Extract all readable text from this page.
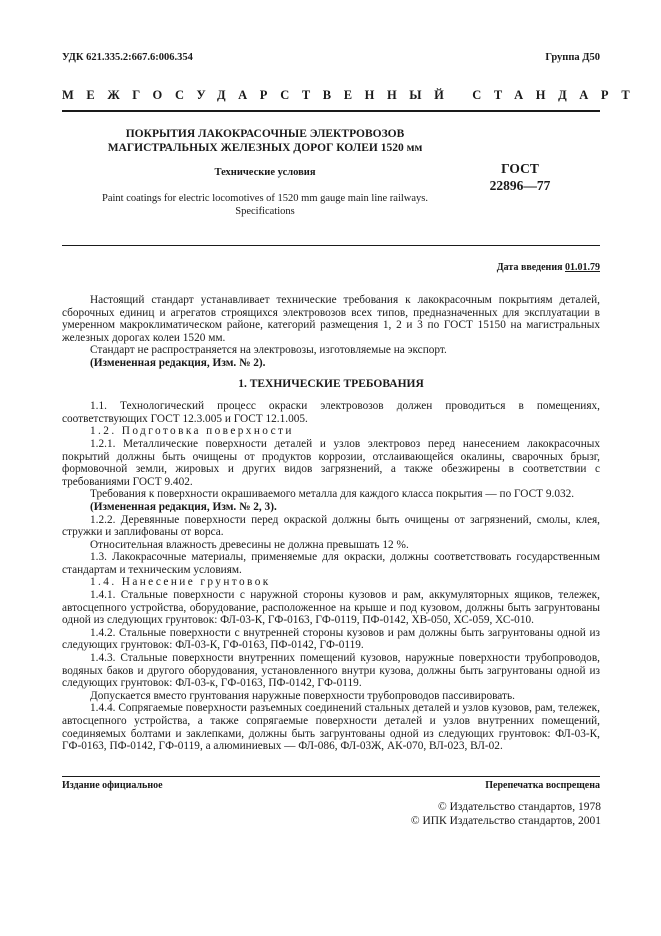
УДК 621.335.2:667.6:006.354	Группа Д50
МЕЖГОСУДАРСТВЕННЫЙ СТАНДАРТ
ПОКРЫТИЯ ЛАКОКРАСОЧНЫЕ ЭЛЕКТРОВОЗОВ
МАГИСТРАЛЬНЫХ ЖЕЛЕЗНЫХ ДОРОГ КОЛЕИ 1520 мм
Технические условия
Paint coatings for electric locomotives of 1520 mm gauge main line railways.
Specifications
ГОСТ
22896—77
Дата введения 01.01.79

Настоящий стандарт устанавливает технические требования к лакокрасочным покрытиям деталей, сборочных единиц и агрегатов строящихся электровозов всех типов, предназначенных для эксплуатации в умеренном макроклиматическом районе, категорий размещения 1, 2 и 3 по ГОСТ 15150 на магистральных железных дорогах колеи 1520 мм.

Стандарт не распространяется на электровозы, изготовляемые на экспорт.

(Измененная редакция, Изм. № 2).

1. ТЕХНИЧЕСКИЕ ТРЕБОВАНИЯ

1.1. Технологический процесс окраски электровозов должен проводиться в помещениях, соответствующих ГОСТ 12.3.005 и ГОСТ 12.1.005.

1.2. Подготовка поверхности

1.2.1. Металлические поверхности деталей и узлов электровоз перед нанесением лакокрасочных покрытий должны быть очищены от продуктов коррозии, отслаивающейся окалины, сварочных брызг, формовочной земли, жировых и других видов загрязнений, а также обезжирены в соответствии с требованиями ГОСТ 9.402.

Требования к поверхности окрашиваемого металла для каждого класса покрытия — по ГОСТ 9.032.

(Измененная редакция, Изм. № 2, 3).

1.2.2. Деревянные поверхности перед окраской должны быть очищены от загрязнений, смолы, клея, стружки и заплифованы от ворса.

Относительная влажность древесины не должна превышать 12 %.

1.3. Лакокрасочные материалы, применяемые для окраски, должны соответствовать государственным стандартам и техническим условиям.

1.4. Нанесение грунтовок

1.4.1. Стальные поверхности с наружной стороны кузовов и рам, аккумуляторных ящиков, тележек, автосцепного устройства, оборудование, расположенное на крыше и под кузовом, должны быть загрунтованы одной из следующих грунтовок: ФЛ-03-К, ГФ-0163, ГФ-0119, ПФ-0142, ХВ-050, ХС-059, ХС-010.

1.4.2. Стальные поверхности с внутренней стороны кузовов и рам должны быть загрунтованы одной из следующих грунтовок: ФЛ-03-К, ГФ-0163, ПФ-0142, ГФ-0119.

1.4.3. Стальные поверхности внутренних помещений кузовов, наружные поверхности трубопроводов, водяных баков и другого оборудования, установленного внутри кузова, должны быть загрунтованы одной из следующих грунтовок: ФЛ-03-к, ГФ-0163, ПФ-0142, ГФ-0119.

Допускается вместо грунтования наружные поверхности трубопроводов пассивировать.

1.4.4. Сопрягаемые поверхности разъемных соединений стальных деталей и узлов кузовов, рам, тележек, автосцепного устройства, а также сопрягаемые поверхности деталей и узлов внутренних помещений, соединяемых болтами и заклепками, должны быть загрунтованы одной из следующих грунтовок: ФЛ-03-К, ГФ-0163, ПФ-0142, ГФ-0119, а алюминиевых — ФЛ-086, ФЛ-03Ж, АК-070, ВЛ-023, ВЛ-02.

Издание официальное	Перепечатка воспрещена
© Издательство стандартов, 1978
© ИПК Издательство стандартов, 2001
